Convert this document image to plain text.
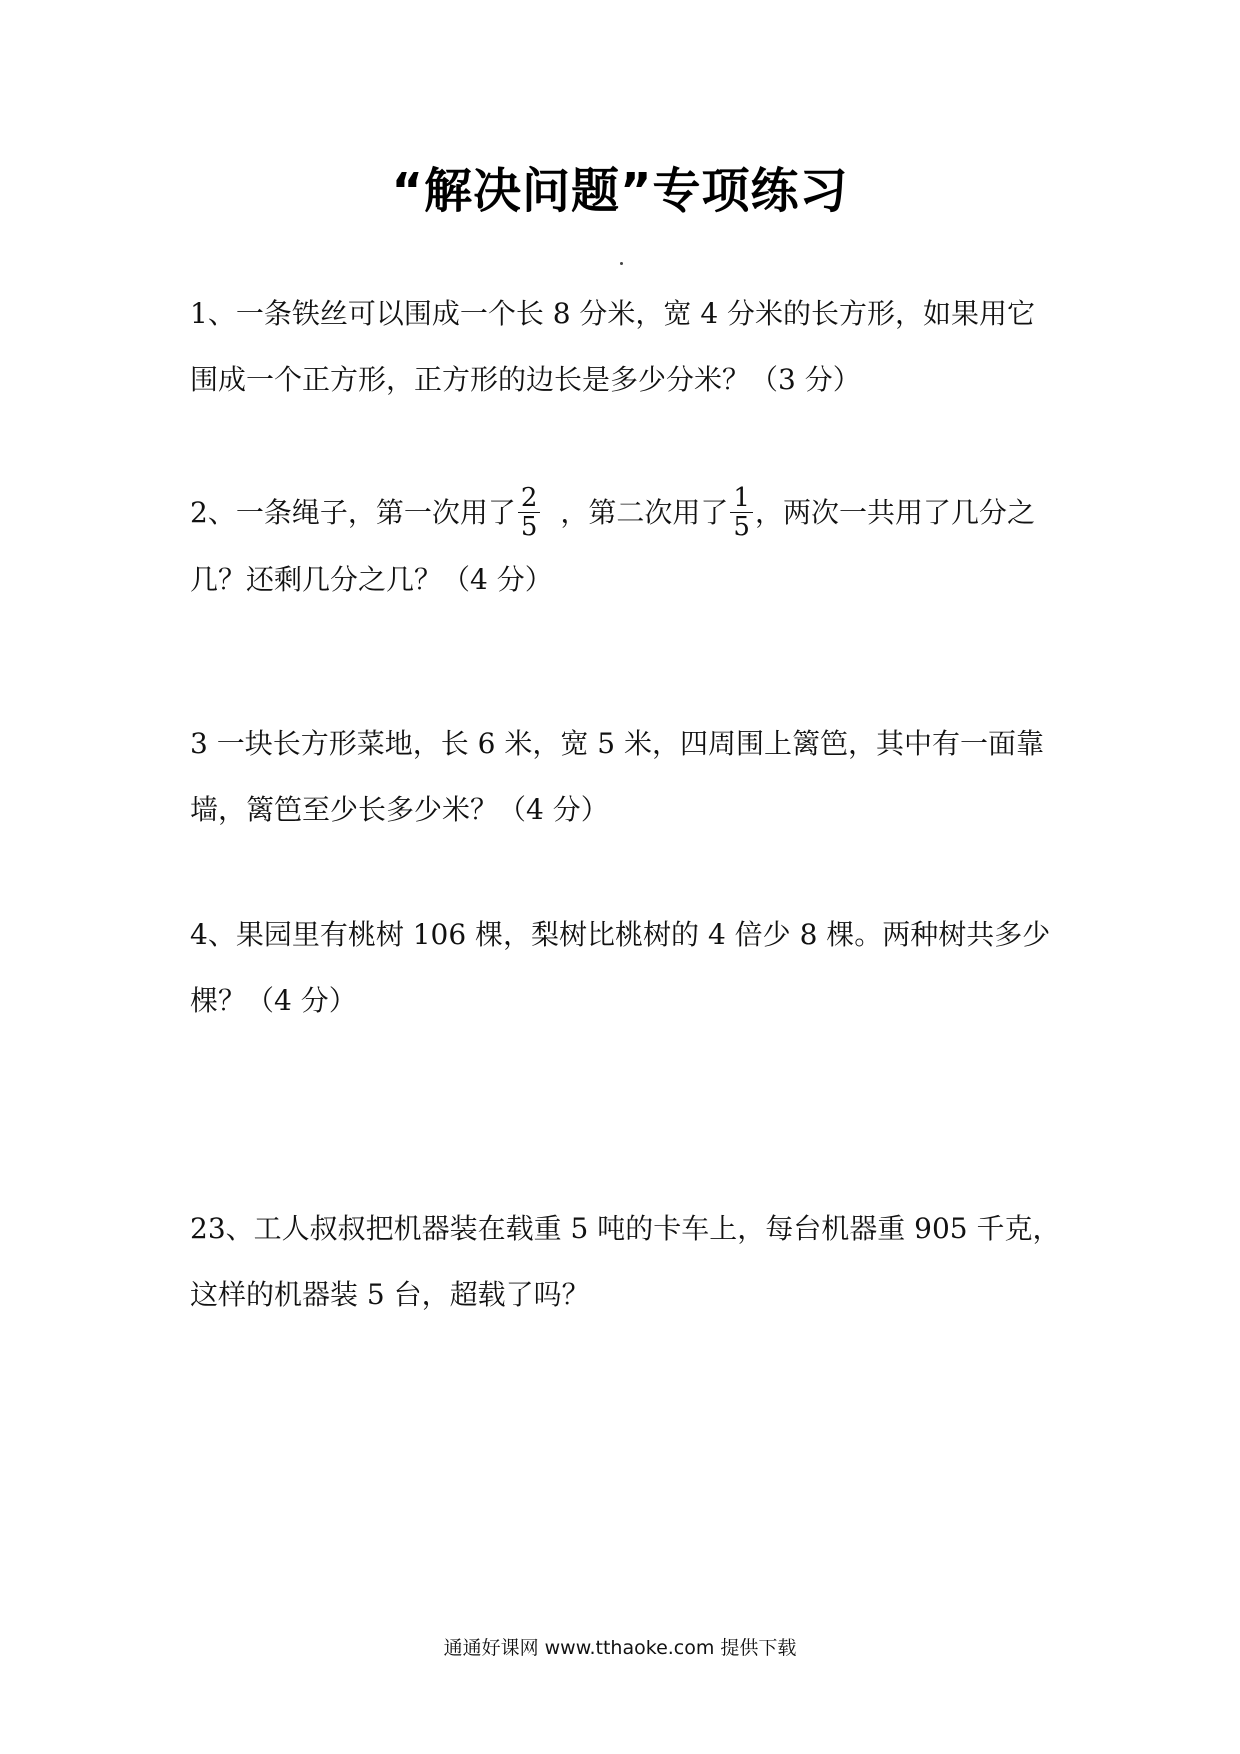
“解决问题”专项练习
1、一条铁丝可以围成一个长 8 分米，宽 4 分米的长方形，如果用它
围成一个正方形，正方形的边长是多少分米？（3 分）
2、一条绳子，第一次用了 $\frac{2}{5}$ ，第二次用了 $\frac{1}{5}$ ，两次一共用了几分之
几？还剩几分之几？（4 分）
3 一块长方形菜地，长 6 米，宽 5 米，四周围上篱笆，其中有一面靠
墙，篱笆至少长多少米？（4 分）
4、果园里有桃树 106 棵，梨树比桃树的 4 倍少 8 棵。两种树共多少
棵？（4 分）
23、工人叔叔把机器装在载重 5 吨的卡车上，每台机器重 905 千克，
这样的机器装 5 台，超载了吗？
通通好课网 www.tthaoke.com 提供下载
